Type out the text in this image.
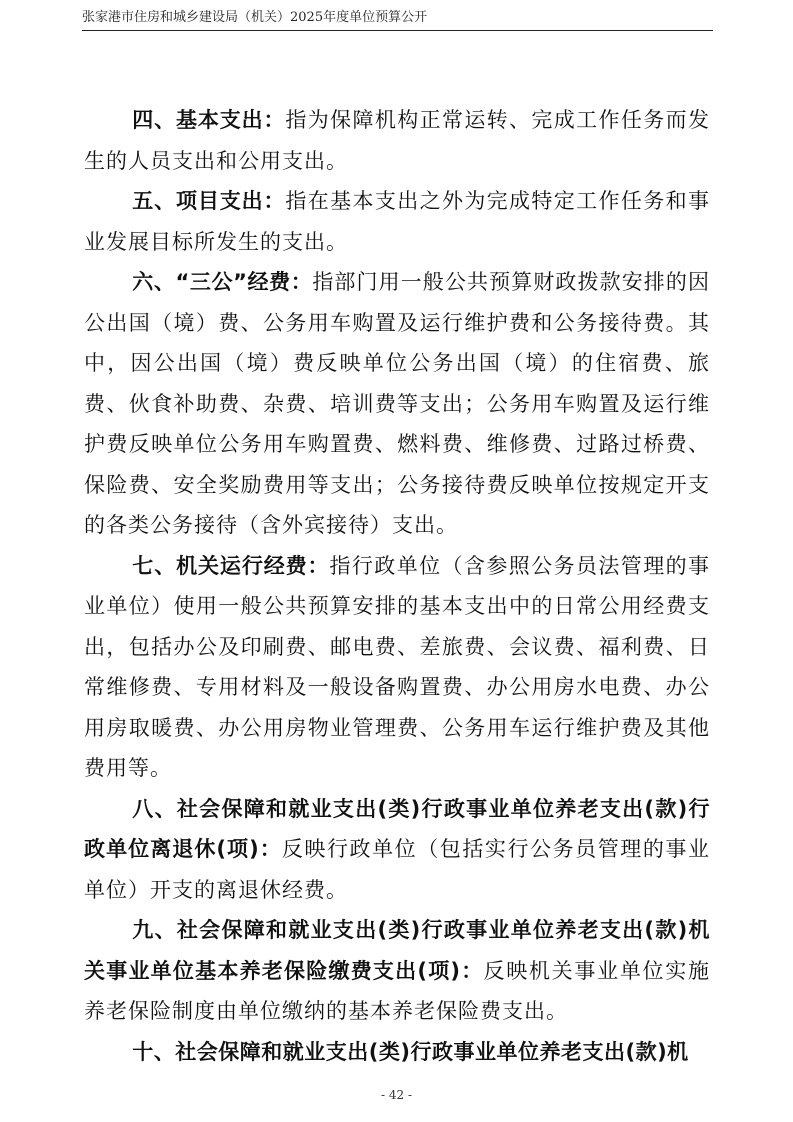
张家港市住房和城乡建设局（机关）2025年度单位预算公开

四、基本支出：指为保障机构正常运转、完成工作任务而发生的人员支出和公用支出。

五、项目支出：指在基本支出之外为完成特定工作任务和事业发展目标所发生的支出。

六、“三公”经费：指部门用一般公共预算财政拨款安排的因公出国（境）费、公务用车购置及运行维护费和公务接待费。其中，因公出国（境）费反映单位公务出国（境）的住宿费、旅费、伙食补助费、杂费、培训费等支出；公务用车购置及运行维护费反映单位公务用车购置费、燃料费、维修费、过路过桥费、保险费、安全奖励费用等支出；公务接待费反映单位按规定开支的各类公务接待（含外宾接待）支出。

七、机关运行经费：指行政单位（含参照公务员法管理的事业单位）使用一般公共预算安排的基本支出中的日常公用经费支出，包括办公及印刷费、邮电费、差旅费、会议费、福利费、日常维修费、专用材料及一般设备购置费、办公用房水电费、办公用房取暖费、办公用房物业管理费、公务用车运行维护费及其他费用等。

八、社会保障和就业支出(类)行政事业单位养老支出(款)行政单位离退休(项)：反映行政单位（包括实行公务员管理的事业单位）开支的离退休经费。

九、社会保障和就业支出(类)行政事业单位养老支出(款)机关事业单位基本养老保险缴费支出(项)：反映机关事业单位实施养老保险制度由单位缴纳的基本养老保险费支出。

十、社会保障和就业支出(类)行政事业单位养老支出(款)机

- 42 -
